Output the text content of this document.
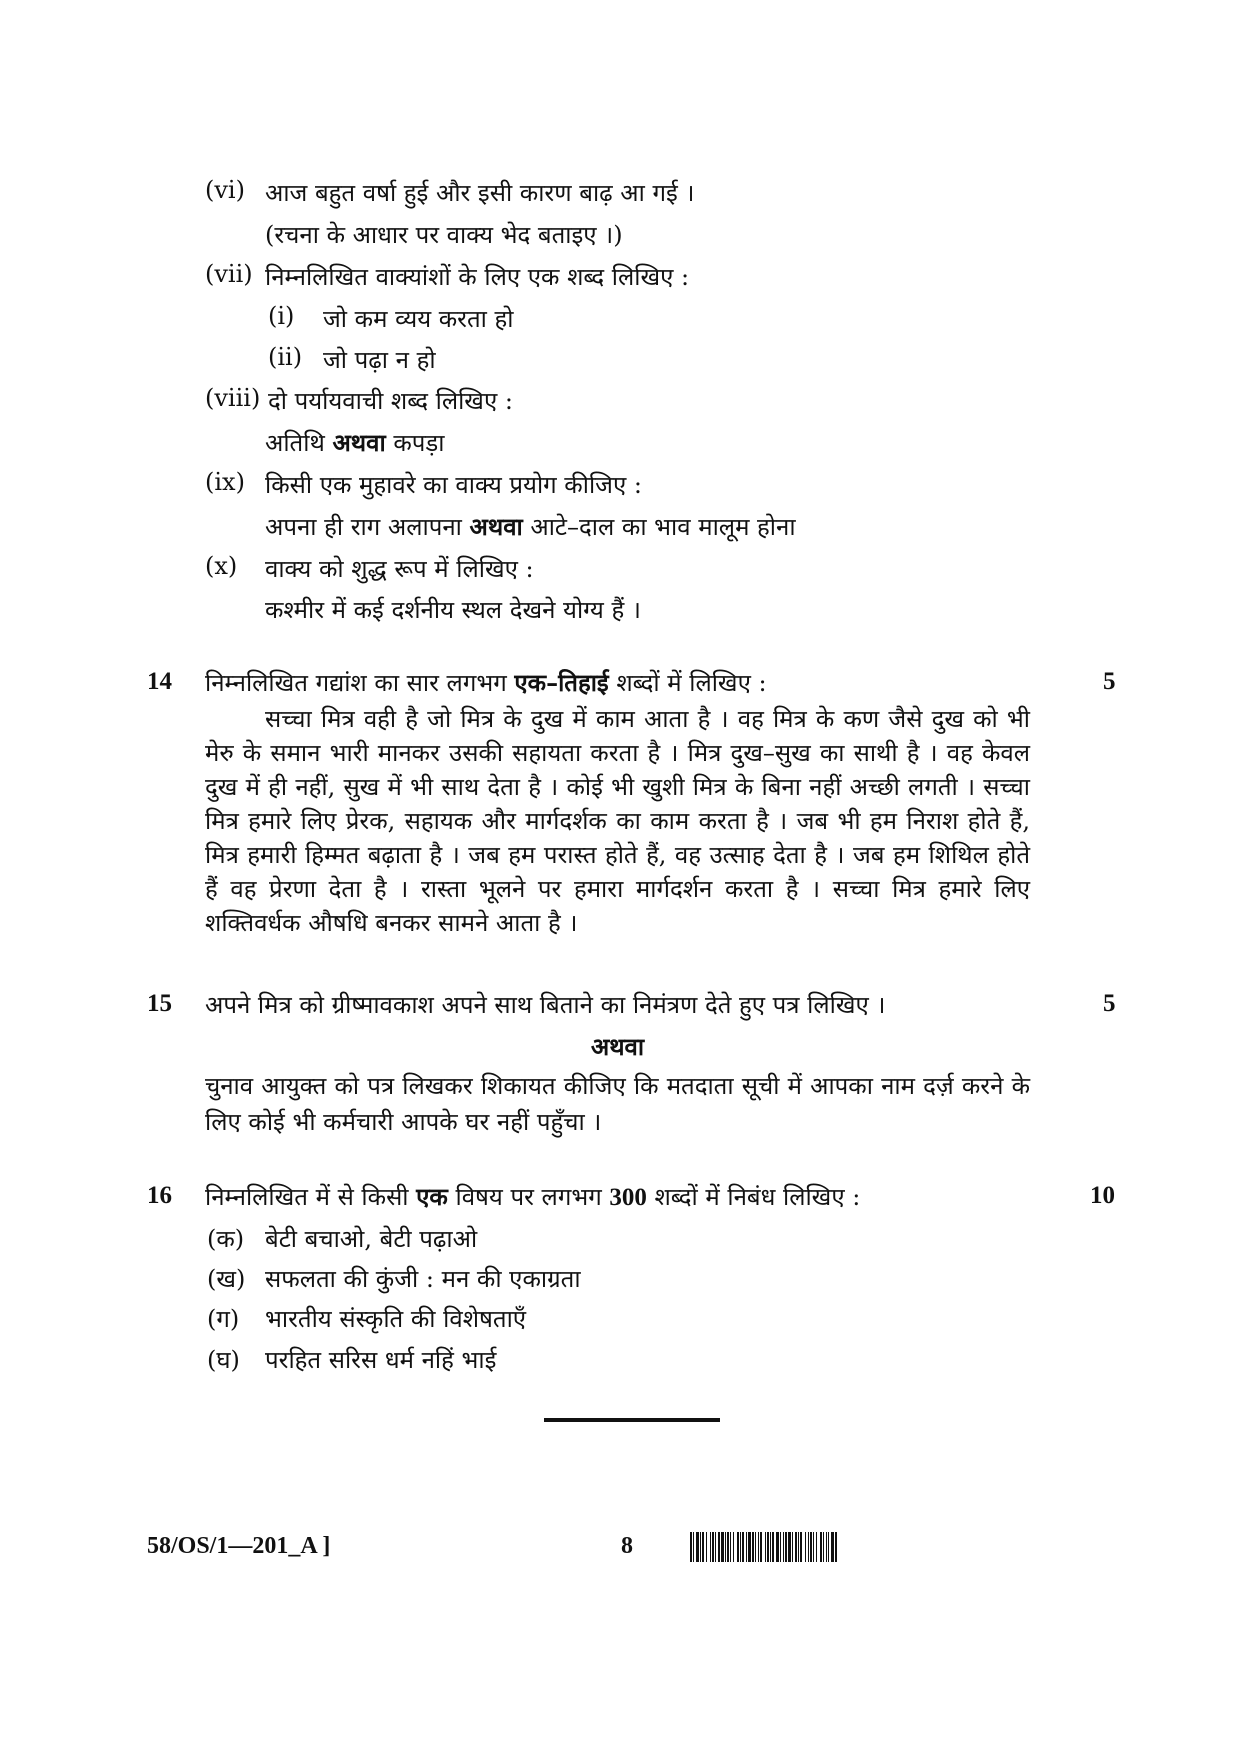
(vi) आज बहुत वर्षा हुई और इसी कारण बाढ़ आ गई ।
(रचना के आधार पर वाक्य भेद बताइए ।)
(vii) निम्नलिखित वाक्यांशों के लिए एक शब्द लिखिए :
(i) जो कम व्यय करता हो
(ii) जो पढ़ा न हो
(viii) दो पर्यायवाची शब्द लिखिए :
अतिथि अथवा कपड़ा
(ix) किसी एक मुहावरे का वाक्य प्रयोग कीजिए :
अपना ही राग अलापना अथवा आटे–दाल का भाव मालूम होना
(x) वाक्य को शुद्ध रूप में लिखिए :
कश्मीर में कई दर्शनीय स्थल देखने योग्य हैं ।
14 निम्नलिखित गद्यांश का सार लगभग एक–तिहाई शब्दों में लिखिए :	5

सच्चा मित्र वही है जो मित्र के दुख में काम आता है । वह मित्र के कण जैसे दुख को भी मेरु के समान भारी मानकर उसकी सहायता करता है । मित्र दुख–सुख का साथी है । वह केवल दुख में ही नहीं, सुख में भी साथ देता है । कोई भी खुशी मित्र के बिना नहीं अच्छी लगती । सच्चा मित्र हमारे लिए प्रेरक, सहायक और मार्गदर्शक का काम करता है । जब भी हम निराश होते हैं, मित्र हमारी हिम्मत बढ़ाता है । जब हम परास्त होते हैं, वह उत्साह देता है । जब हम शिथिल होते हैं वह प्रेरणा देता है । रास्ता भूलने पर हमारा मार्गदर्शन करता है । सच्चा मित्र हमारे लिए शक्तिवर्धक औषधि बनकर सामने आता है ।

15 अपने मित्र को ग्रीष्मावकाश अपने साथ बिताने का निमंत्रण देते हुए पत्र लिखिए ।	5
अथवा

चुनाव आयुक्त को पत्र लिखकर शिकायत कीजिए कि मतदाता सूची में आपका नाम दर्ज़ करने के लिए कोई भी कर्मचारी आपके घर नहीं पहुँचा ।

16 निम्नलिखित में से किसी एक विषय पर लगभग 300 शब्दों में निबंध लिखिए :	10
(क) बेटी बचाओ, बेटी पढ़ाओ
(ख) सफलता की कुंजी : मन की एकाग्रता
(ग) भारतीय संस्कृति की विशेषताएँ
(घ) परहित सरिस धर्म नहिं भाई
58/OS/1—201_A ]	8
